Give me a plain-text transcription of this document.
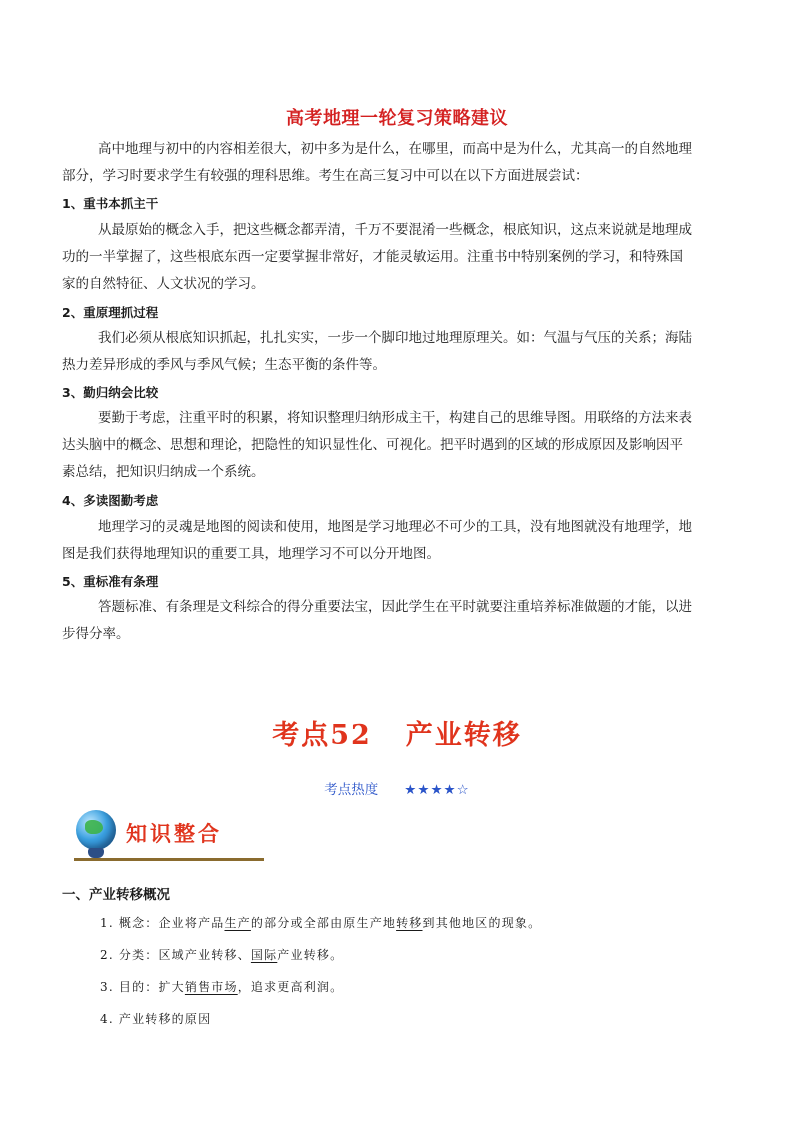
高考地理一轮复习策略建议
高中地理与初中的内容相差很大，初中多为是什么，在哪里，而高中是为什么，尤其高一的自然地理
部分，学习时要求学生有较强的理科思维。考生在高三复习中可以在以下方面进展尝试：
1、重书本抓主干
从最原始的概念入手，把这些概念都弄清，千万不要混淆一些概念，根底知识，这点来说就是地理成
功的一半掌握了，这些根底东西一定要掌握非常好，才能灵敏运用。注重书中特别案例的学习，和特殊国
家的自然特征、人文状况的学习。
2、重原理抓过程
我们必须从根底知识抓起，扎扎实实，一步一个脚印地过地理原理关。如：气温与气压的关系；海陆
热力差异形成的季风与季风气候；生态平衡的条件等。
3、勤归纳会比较
要勤于考虑，注重平时的积累，将知识整理归纳形成主干，构建自己的思维导图。用联络的方法来表
达头脑中的概念、思想和理论，把隐性的知识显性化、可视化。把平时遇到的区域的形成原因及影响因平
素总结，把知识归纳成一个系统。
4、多读图勤考虑
地理学习的灵魂是地图的阅读和使用，地图是学习地理必不可少的工具，没有地图就没有地理学，地
图是我们获得地理知识的重要工具，地理学习不可以分开地图。
5、重标准有条理
答题标准、有条理是文科综合的得分重要法宝，因此学生在平时就要注重培养标准做题的才能，以进
步得分率。
考点52 产业转移
考点热度 ★★★★☆
知识整合
一、产业转移概况
1. 概念：企业将产品生产的部分或全部由原生产地转移到其他地区的现象。
2. 分类：区域产业转移、国际产业转移。
3. 目的：扩大销售市场，追求更高利润。
4. 产业转移的原因
